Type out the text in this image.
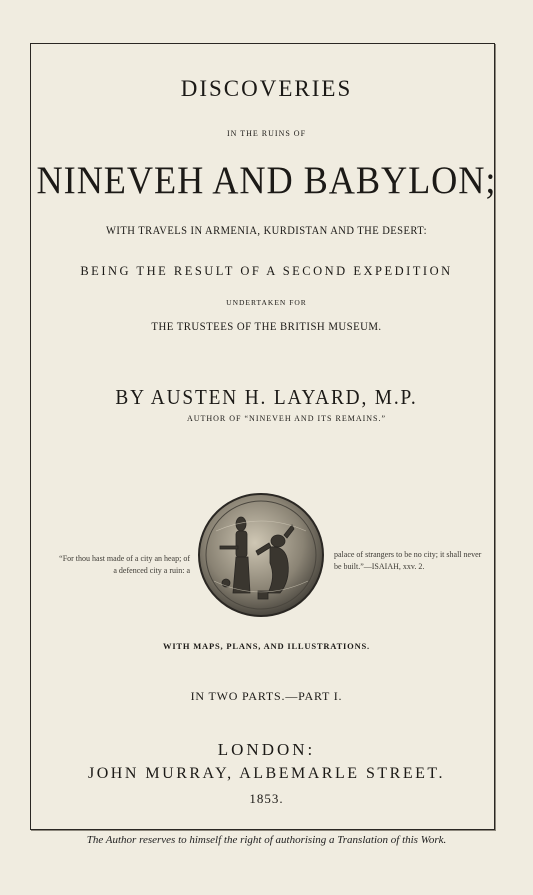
DISCOVERIES
IN THE RUINS OF
NINEVEH AND BABYLON;
WITH TRAVELS IN ARMENIA, KURDISTAN AND THE DESERT:
BEING THE RESULT OF A SECOND EXPEDITION
UNDERTAKEN FOR
THE TRUSTEES OF THE BRITISH MUSEUM.
BY AUSTEN H. LAYARD, M.P.
AUTHOR OF “NINEVEH AND ITS REMAINS.”
“For thou hast made of a city an heap; of a defenced city a ruin: a
palace of strangers to be no city; it shall never be built.”—ISAIAH, xxv. 2.
WITH MAPS, PLANS, AND ILLUSTRATIONS.
IN TWO PARTS.—PART I.
LONDON:
JOHN MURRAY, ALBEMARLE STREET.
1853.
The Author reserves to himself the right of authorising a Translation of this Work.
